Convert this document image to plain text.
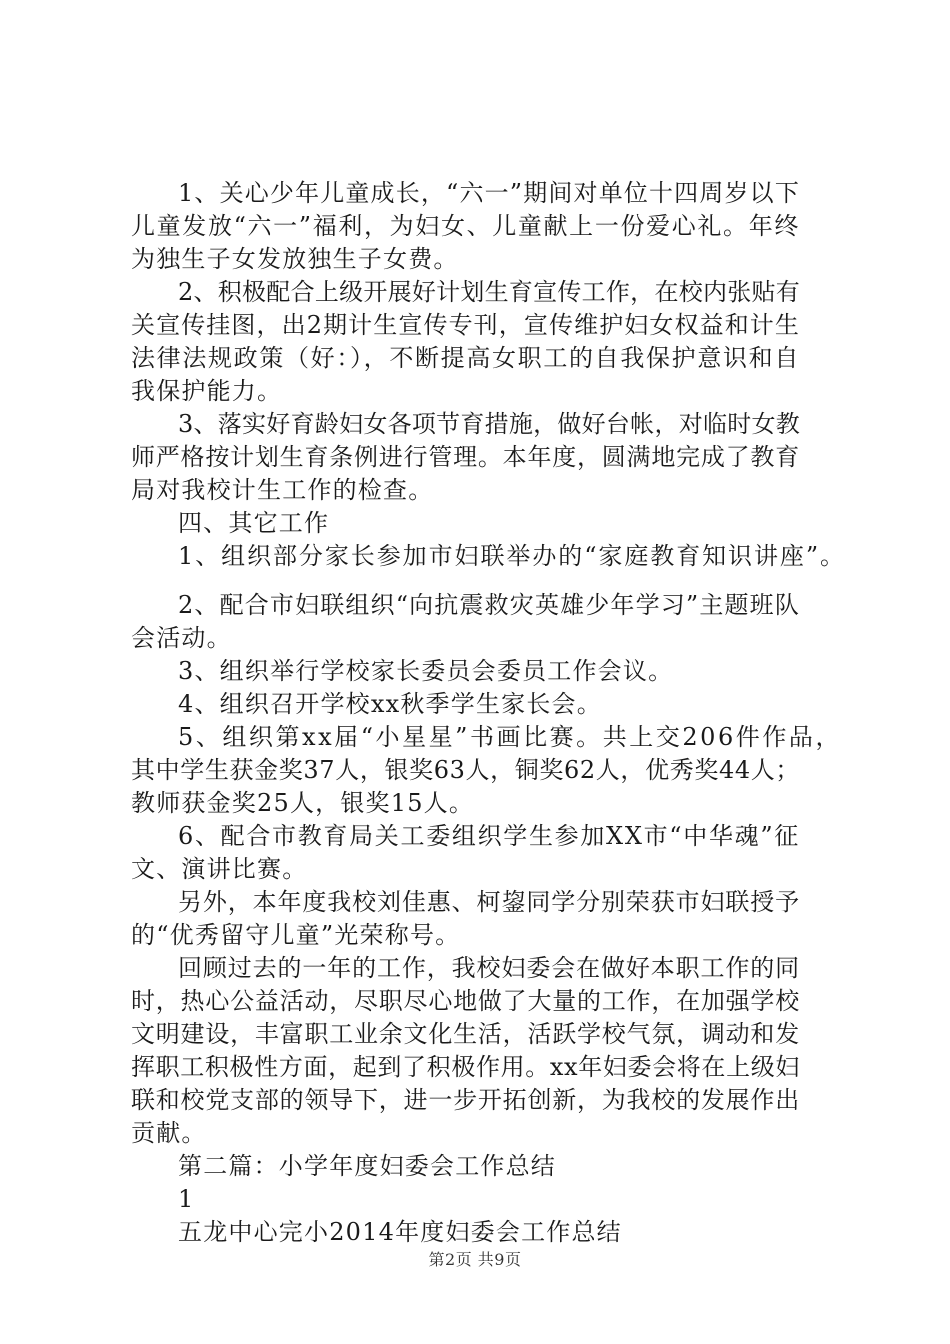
1、关心少年儿童成长，“六一”期间对单位十四周岁以下
儿童发放“六一”福利，为妇女、儿童献上一份爱心礼。年终
为独生子女发放独生子女费。
2、积极配合上级开展好计划生育宣传工作，在校内张贴有
关宣传挂图，出2期计生宣传专刊，宣传维护妇女权益和计生
法律法规政策（好：），不断提高女职工的自我保护意识和自
我保护能力。
3、落实好育龄妇女各项节育措施，做好台帐，对临时女教
师严格按计划生育条例进行管理。本年度，圆满地完成了教育
局对我校计生工作的检查。
四、其它工作
1、组织部分家长参加市妇联举办的“家庭教育知识讲座”。
2、配合市妇联组织“向抗震救灾英雄少年学习”主题班队
会活动。
3、组织举行学校家长委员会委员工作会议。
4、组织召开学校xx秋季学生家长会。
5、组织第xx届“小星星”书画比赛。共上交206件作品，
其中学生获金奖37人，银奖63人，铜奖62人，优秀奖44人；
教师获金奖25人，银奖15人。
6、配合市教育局关工委组织学生参加XX市“中华魂”征
文、演讲比赛。
另外，本年度我校刘佳惠、柯鋆同学分别荣获市妇联授予
的“优秀留守儿童”光荣称号。
回顾过去的一年的工作，我校妇委会在做好本职工作的同
时，热心公益活动，尽职尽心地做了大量的工作，在加强学校
文明建设，丰富职工业余文化生活，活跃学校气氛，调动和发
挥职工积极性方面，起到了积极作用。xx年妇委会将在上级妇
联和校党支部的领导下，进一步开拓创新，为我校的发展作出
贡献。
第二篇：小学年度妇委会工作总结
1
五龙中心完小2014年度妇委会工作总结
第2页 共9页
